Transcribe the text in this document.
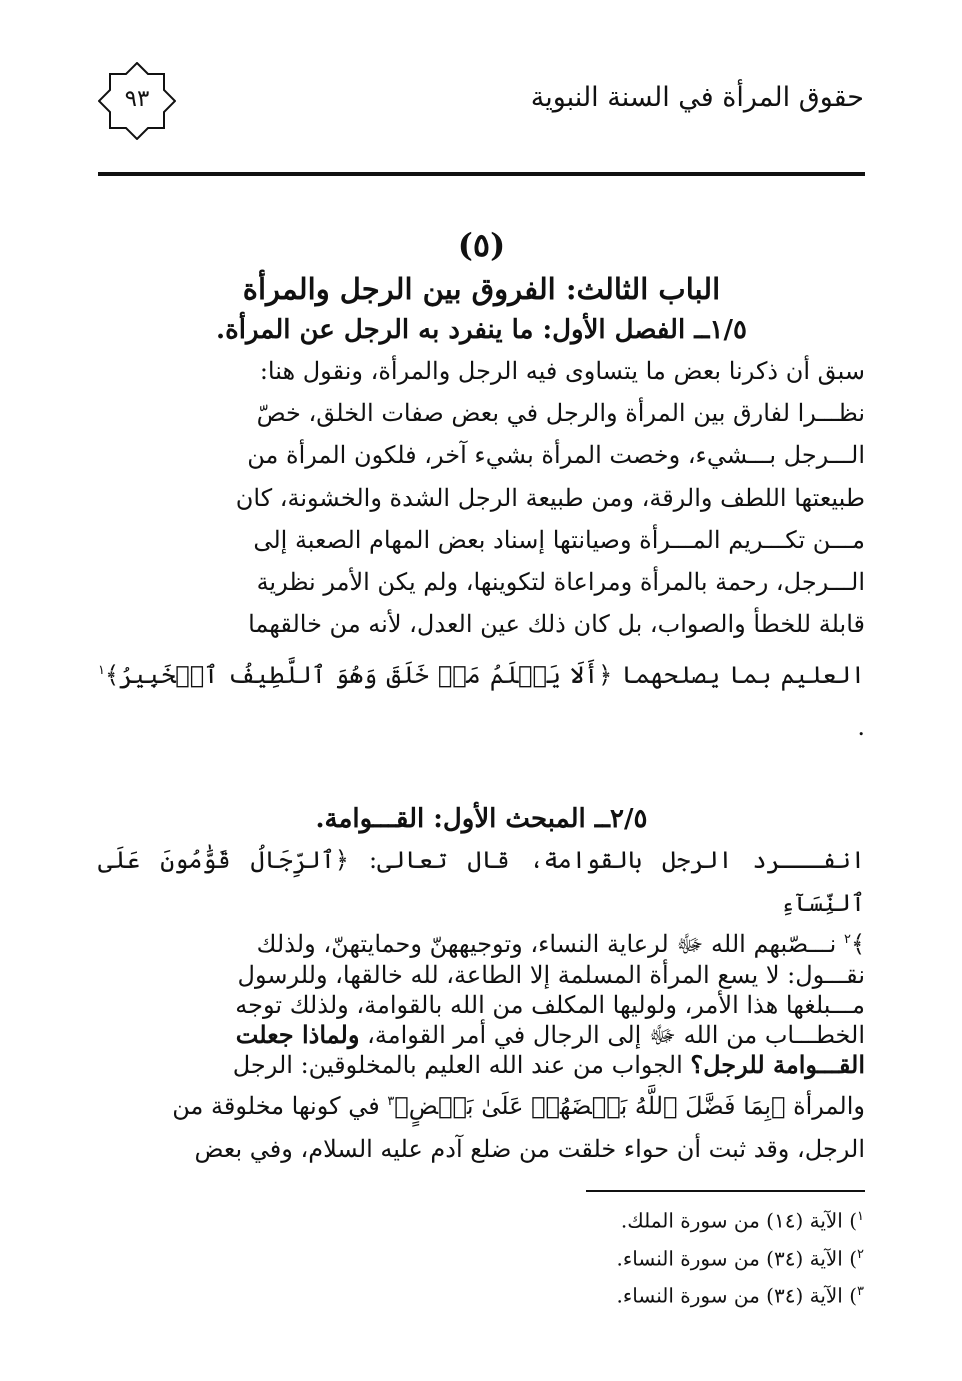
حقوق المرأة في السنة النبوية
٩٣
(٥)
الباب الثالث: الفروق بين الرجل والمرأة
١/٥ــ الفصل الأول: ما ينفرد به الرجل عن المرأة.

سبق أن ذكرنا بعض ما يتساوى فيه الرجل والمرأة، ونقول هنا:

نظـــرا لفارق بين المرأة والرجل في بعض صفات الخلق، خصّ

الـــرجل بـــشيء، وخصت المرأة بشيء آخر، فلكون المرأة من

طبيعتها اللطف والرقة، ومن طبيعة الرجل الشدة والخشونة، كان

مـــن تكـــريم المـــرأة وصيانتها إسناد بعض المهام الصعبة إلى

الـــرجل، رحمة بالمرأة ومراعاة لتكوينها، ولم يكن الأمر نظرية

قابلة للخطأ والصواب، بل كان ذلك عين العدل، لأنه من خالقهما

العليم بما يصلحهما ﴿أَلَا يَعۡلَمُ مَنۡ خَلَقَ وَهُوَ ٱللَّطِيفُ ٱلۡخَبِيرُ﴾$^١$ .

٢/٥ــ المبحث الأول: القـــوامة.

انفـــرد الرجل بالقوامة، قال تعالى: ﴿ٱلرِّجَالُ قَوَّٰمُونَ عَلَى ٱلنِّسَآءِ

﴾$^٢$ نـــصّبهم الله ﷻ لرعاية النساء، وتوجيههنّ وحمايتهنّ، ولذلك

نقـــول: لا يسع المرأة المسلمة إلا الطاعة، لله خالقها، وللرسول

مـــبلغها هذا الأمر، ولوليها المكلف من الله بالقوامة، ولذلك توجه

الخطـــاب من الله ﷻ إلى الرجال في أمر القوامة، ولماذا جعلت

القـــوامة للرجل؟ الجواب من عند الله العليم بالمخلوقين: الرجل

والمرأة ﴿بِمَا فَضَّلَ ٱللَّهُ بَعۡضَهُمۡ عَلَىٰ بَعۡضٍ﴾$^٣$ في كونها مخلوقة من

الرجل، وقد ثبت أن حواء خلقت من ضلع آدم عليه السلام، وفي بعض

$^١$) الآية (١٤) من سورة الملك.

$^٢$) الآية (٣٤) من سورة النساء.

$^٣$) الآية (٣٤) من سورة النساء.
